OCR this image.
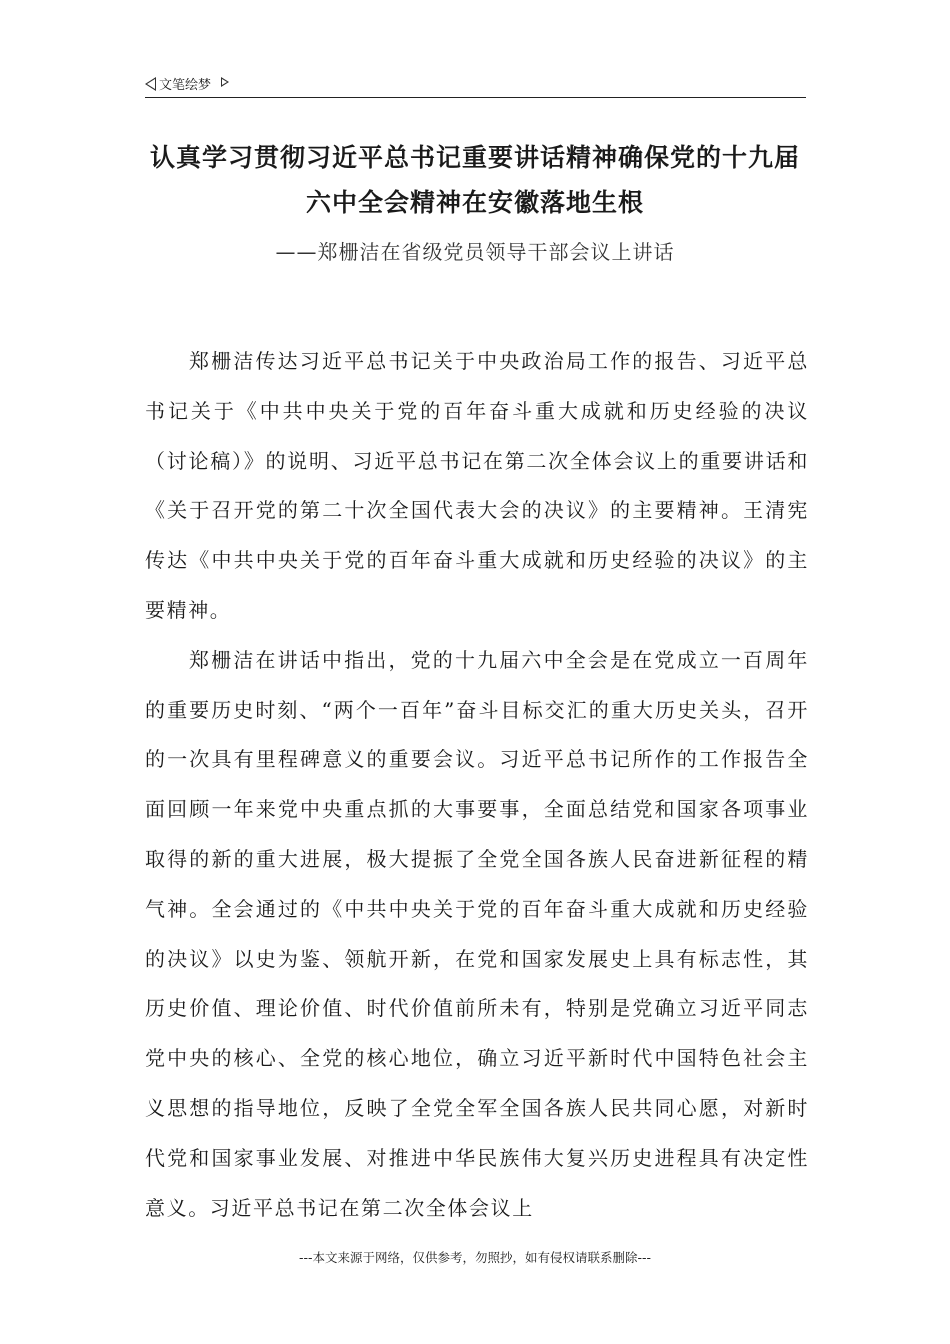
文笔绘梦
认真学习贯彻习近平总书记重要讲话精神确保党的十九届
六中全会精神在安徽落地生根
——郑栅洁在省级党员领导干部会议上讲话

郑栅洁传达习近平总书记关于中央政治局工作的报告、习近平总书记关于《中共中央关于党的百年奋斗重大成就和历史经验的决议（讨论稿）》的说明、习近平总书记在第二次全体会议上的重要讲话和《关于召开党的第二十次全国代表大会的决议》的主要精神。王清宪传达《中共中央关于党的百年奋斗重大成就和历史经验的决议》的主要精神。

郑栅洁在讲话中指出，党的十九届六中全会是在党成立一百周年的重要历史时刻、“两个一百年”奋斗目标交汇的重大历史关头，召开的一次具有里程碑意义的重要会议。习近平总书记所作的工作报告全面回顾一年来党中央重点抓的大事要事，全面总结党和国家各项事业取得的新的重大进展，极大提振了全党全国各族人民奋进新征程的精气神。全会通过的《中共中央关于党的百年奋斗重大成就和历史经验的决议》以史为鉴、领航开新，在党和国家发展史上具有标志性，其历史价值、理论价值、时代价值前所未有，特别是党确立习近平同志党中央的核心、全党的核心地位，确立习近平新时代中国特色社会主义思想的指导地位，反映了全党全军全国各族人民共同心愿，对新时代党和国家事业发展、对推进中华民族伟大复兴历史进程具有决定性意义。习近平总书记在第二次全体会议上

---本文来源于网络，仅供参考，勿照抄，如有侵权请联系删除---
